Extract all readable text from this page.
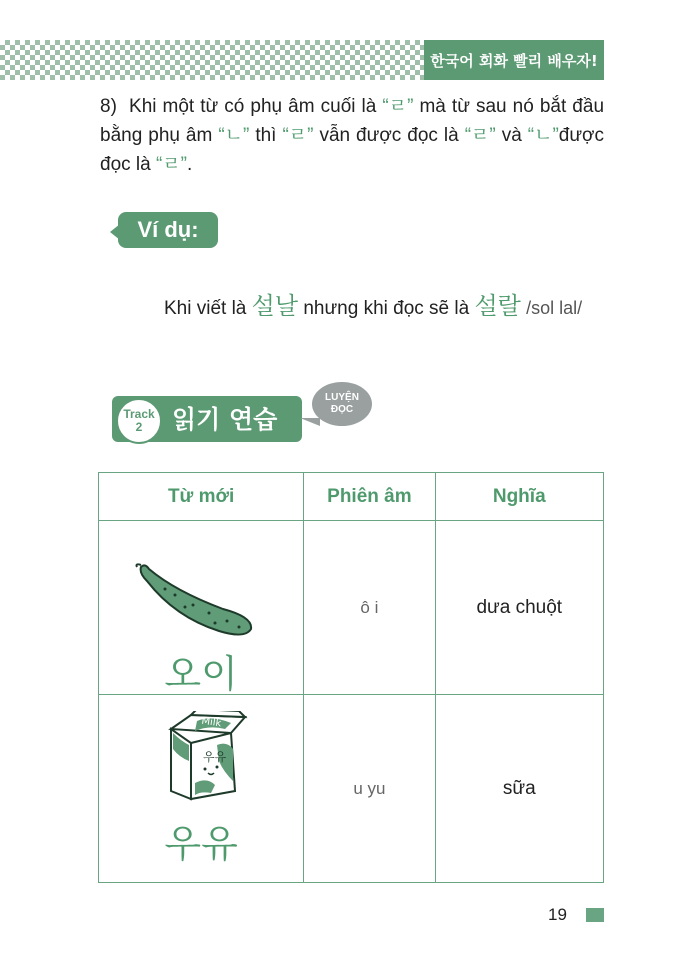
한국어 회화 빨리 배우자!
8) Khi một từ có phụ âm cuối là “ㄹ” mà từ sau nó bắt đầu bằng phụ âm “ㄴ” thì “ㄹ” vẫn được đọc là “ㄹ” và “ㄴ”được đọc là “ㄹ”.
Ví dụ:
Khi viết là 설날 nhưng khi đọc sẽ là 설랄 /sol lal/
Track
2 읽기 연습
LUYỆN
ĐỌC
Từ mới	Phiên âm	Nghĩa

오이	ô i	dưa chuột

Milk
우유
우유	u yu	sữa
19
